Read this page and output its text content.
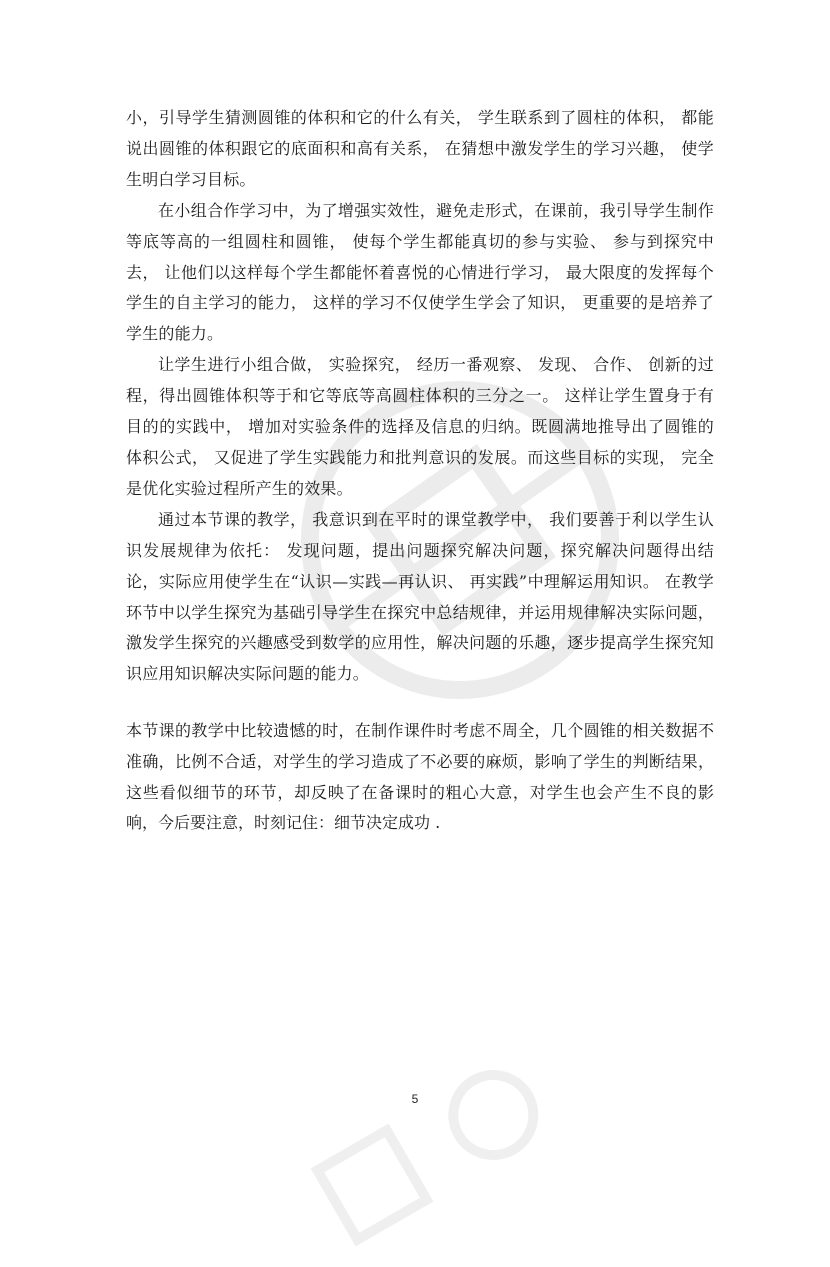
小，引导学生猜测圆锥的体积和它的什么有关， 学生联系到了圆柱的体积， 都能说出圆锥的体积跟它的底面积和高有关系， 在猜想中激发学生的学习兴趣， 使学生明白学习目标。

在小组合作学习中，为了增强实效性，避免走形式，在课前，我引导学生制作等底等高的一组圆柱和圆锥， 使每个学生都能真切的参与实验、 参与到探究中去， 让他们以这样每个学生都能怀着喜悦的心情进行学习， 最大限度的发挥每个学生的自主学习的能力， 这样的学习不仅使学生学会了知识， 更重要的是培养了学生的能力。

让学生进行小组合做， 实验探究， 经历一番观察、 发现、 合作、 创新的过程，得出圆锥体积等于和它等底等高圆柱体积的三分之一。 这样让学生置身于有目的的实践中， 增加对实验条件的选择及信息的归纳。既圆满地推导出了圆锥的体积公式， 又促进了学生实践能力和批判意识的发展。而这些目标的实现， 完全是优化实验过程所产生的效果。

通过本节课的教学， 我意识到在平时的课堂教学中， 我们要善于利以学生认识发展规律为依托： 发现问题，提出问题探究解决问题，探究解决问题得出结论，实际应用使学生在“认识—实践—再认识、 再实践”中理解运用知识。 在教学环节中以学生探究为基础引导学生在探究中总结规律，并运用规律解决实际问题，激发学生探究的兴趣感受到数学的应用性，解决问题的乐趣，逐步提高学生探究知识应用知识解决实际问题的能力。

本节课的教学中比较遗憾的时，在制作课件时考虑不周全，几个圆锥的相关数据不准确，比例不合适，对学生的学习造成了不必要的麻烦，影响了学生的判断结果，这些看似细节的环节，却反映了在备课时的粗心大意，对学生也会产生不良的影响，今后要注意，时刻记住：细节决定成功 .

5
